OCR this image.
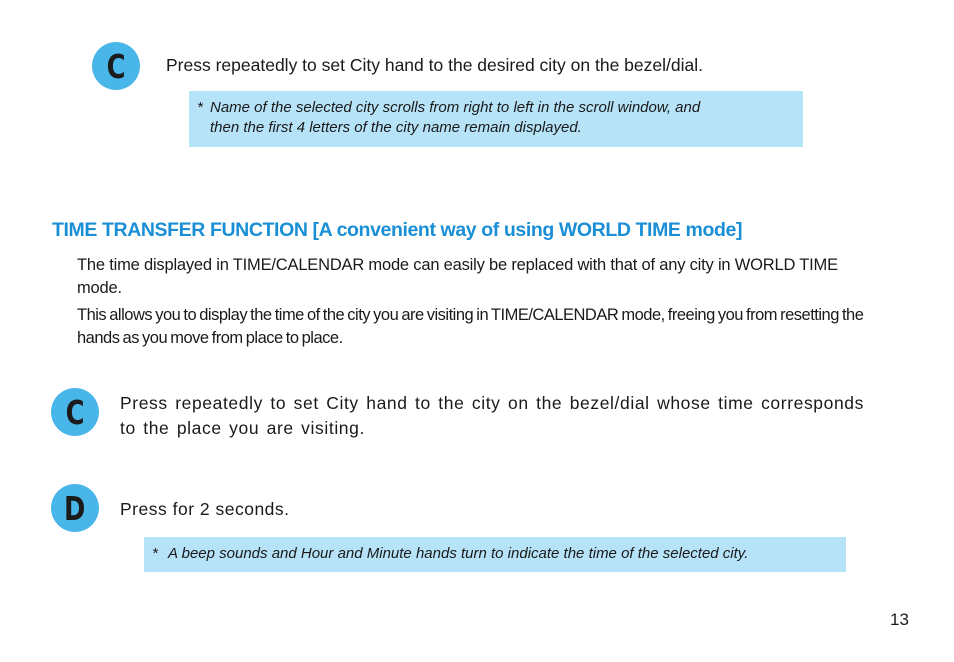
C Press repeatedly to set City hand to the desired city on the bezel/dial.
* Name of the selected city scrolls from right to left in the scroll window, and
then the first 4 letters of the city name remain displayed.
TIME TRANSFER FUNCTION [A convenient way of using WORLD TIME mode]
The time displayed in TIME/CALENDAR mode can easily be replaced with that of any city in WORLD TIME mode.
This allows you to display the time of the city you are visiting in TIME/CALENDAR mode, freeing you from resetting the hands as you move from place to place.
C Press repeatedly to set City hand to the city on the bezel/dial whose time corresponds to the place you are visiting.
D Press for 2 seconds.
* A beep sounds and Hour and Minute hands turn to indicate the time of the selected city.
13
